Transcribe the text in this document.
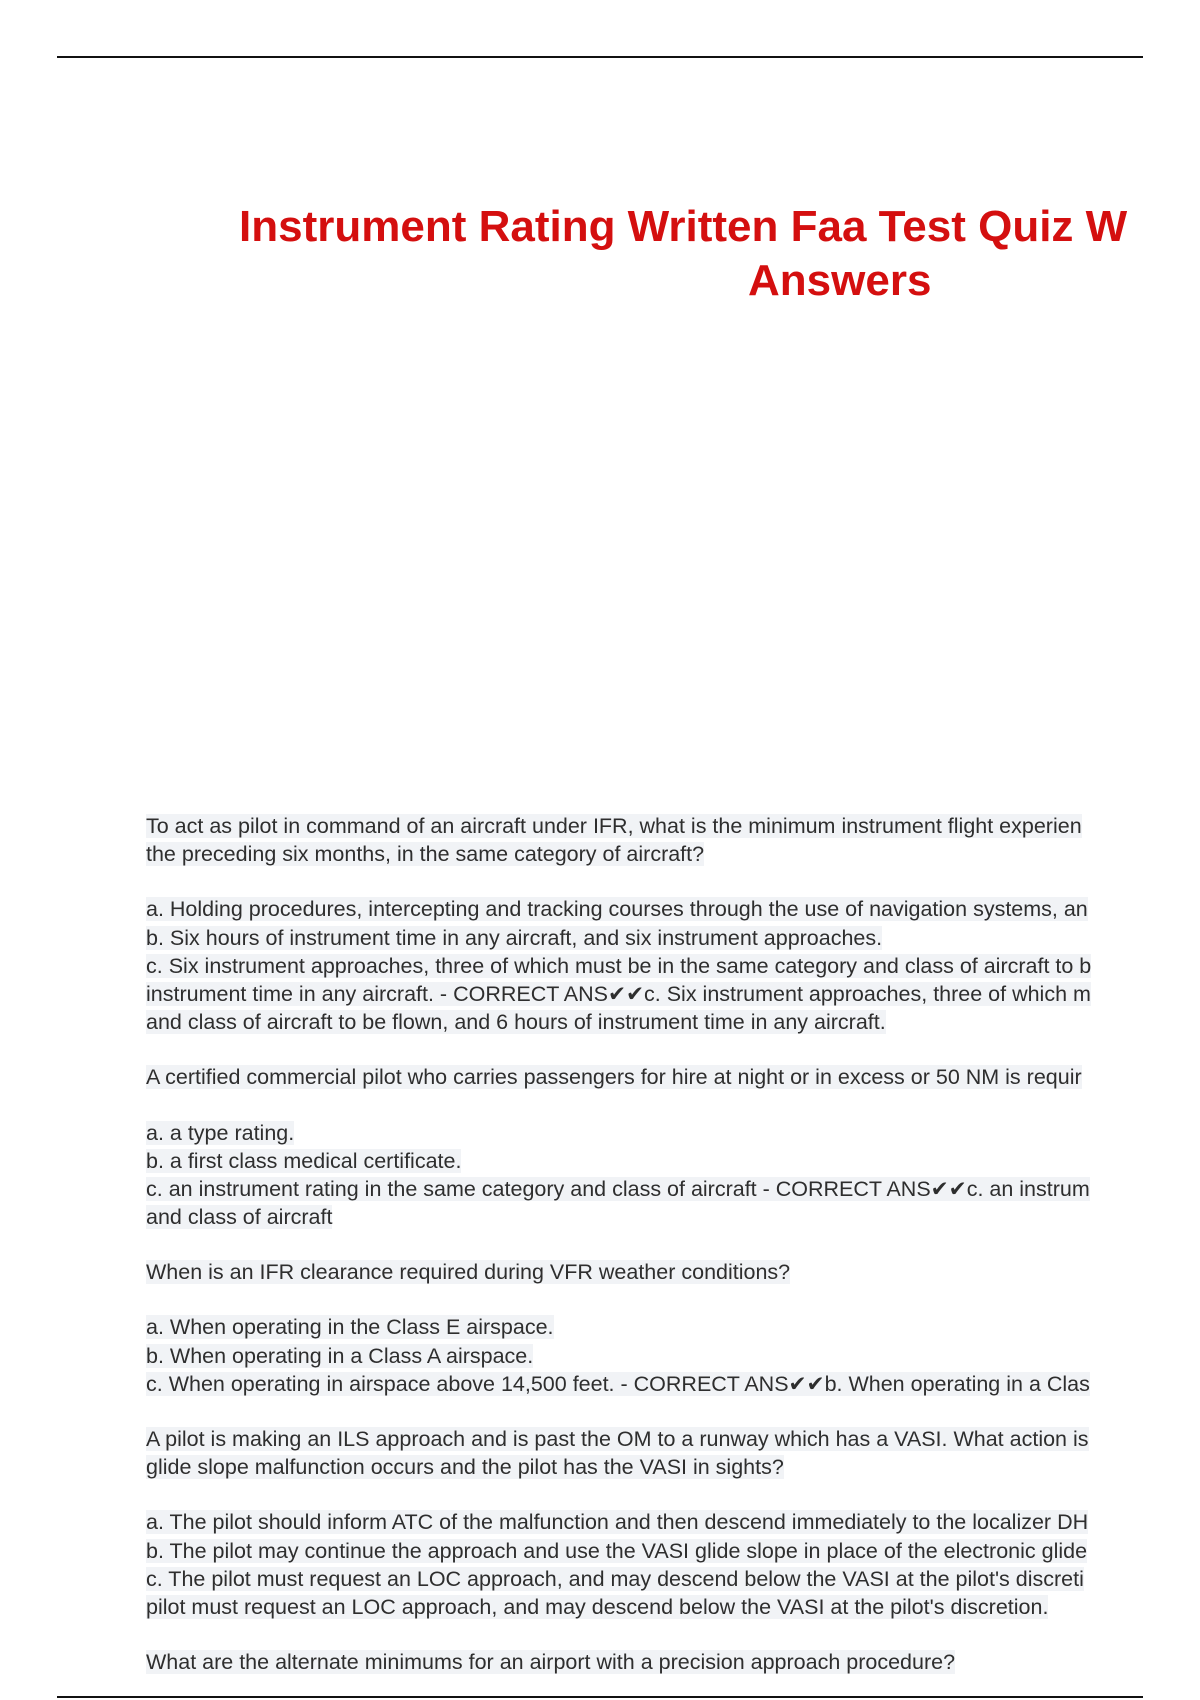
Instrument Rating Written Faa Test Quiz W
Answers
To act as pilot in command of an aircraft under IFR, what is the minimum instrument flight experien
the preceding six months, in the same category of aircraft?
a. Holding procedures, intercepting and tracking courses through the use of navigation systems, an
b. Six hours of instrument time in any aircraft, and six instrument approaches.
c. Six instrument approaches, three of which must be in the same category and class of aircraft to b
instrument time in any aircraft. - CORRECT ANS✔✔c. Six instrument approaches, three of which m
and class of aircraft to be flown, and 6 hours of instrument time in any aircraft.
A certified commercial pilot who carries passengers for hire at night or in excess or 50 NM is requir
a. a type rating.
b. a first class medical certificate.
c. an instrument rating in the same category and class of aircraft - CORRECT ANS✔✔c. an instrum
and class of aircraft
When is an IFR clearance required during VFR weather conditions?
a. When operating in the Class E airspace.
b. When operating in a Class A airspace.
c. When operating in airspace above 14,500 feet. - CORRECT ANS✔✔b. When operating in a Clas
A pilot is making an ILS approach and is past the OM to a runway which has a VASI. What action is
glide slope malfunction occurs and the pilot has the VASI in sights?
a. The pilot should inform ATC of the malfunction and then descend immediately to the localizer DH
b. The pilot may continue the approach and use the VASI glide slope in place of the electronic glide
c. The pilot must request an LOC approach, and may descend below the VASI at the pilot's discreti
pilot must request an LOC approach, and may descend below the VASI at the pilot's discretion.
What are the alternate minimums for an airport with a precision approach procedure?
